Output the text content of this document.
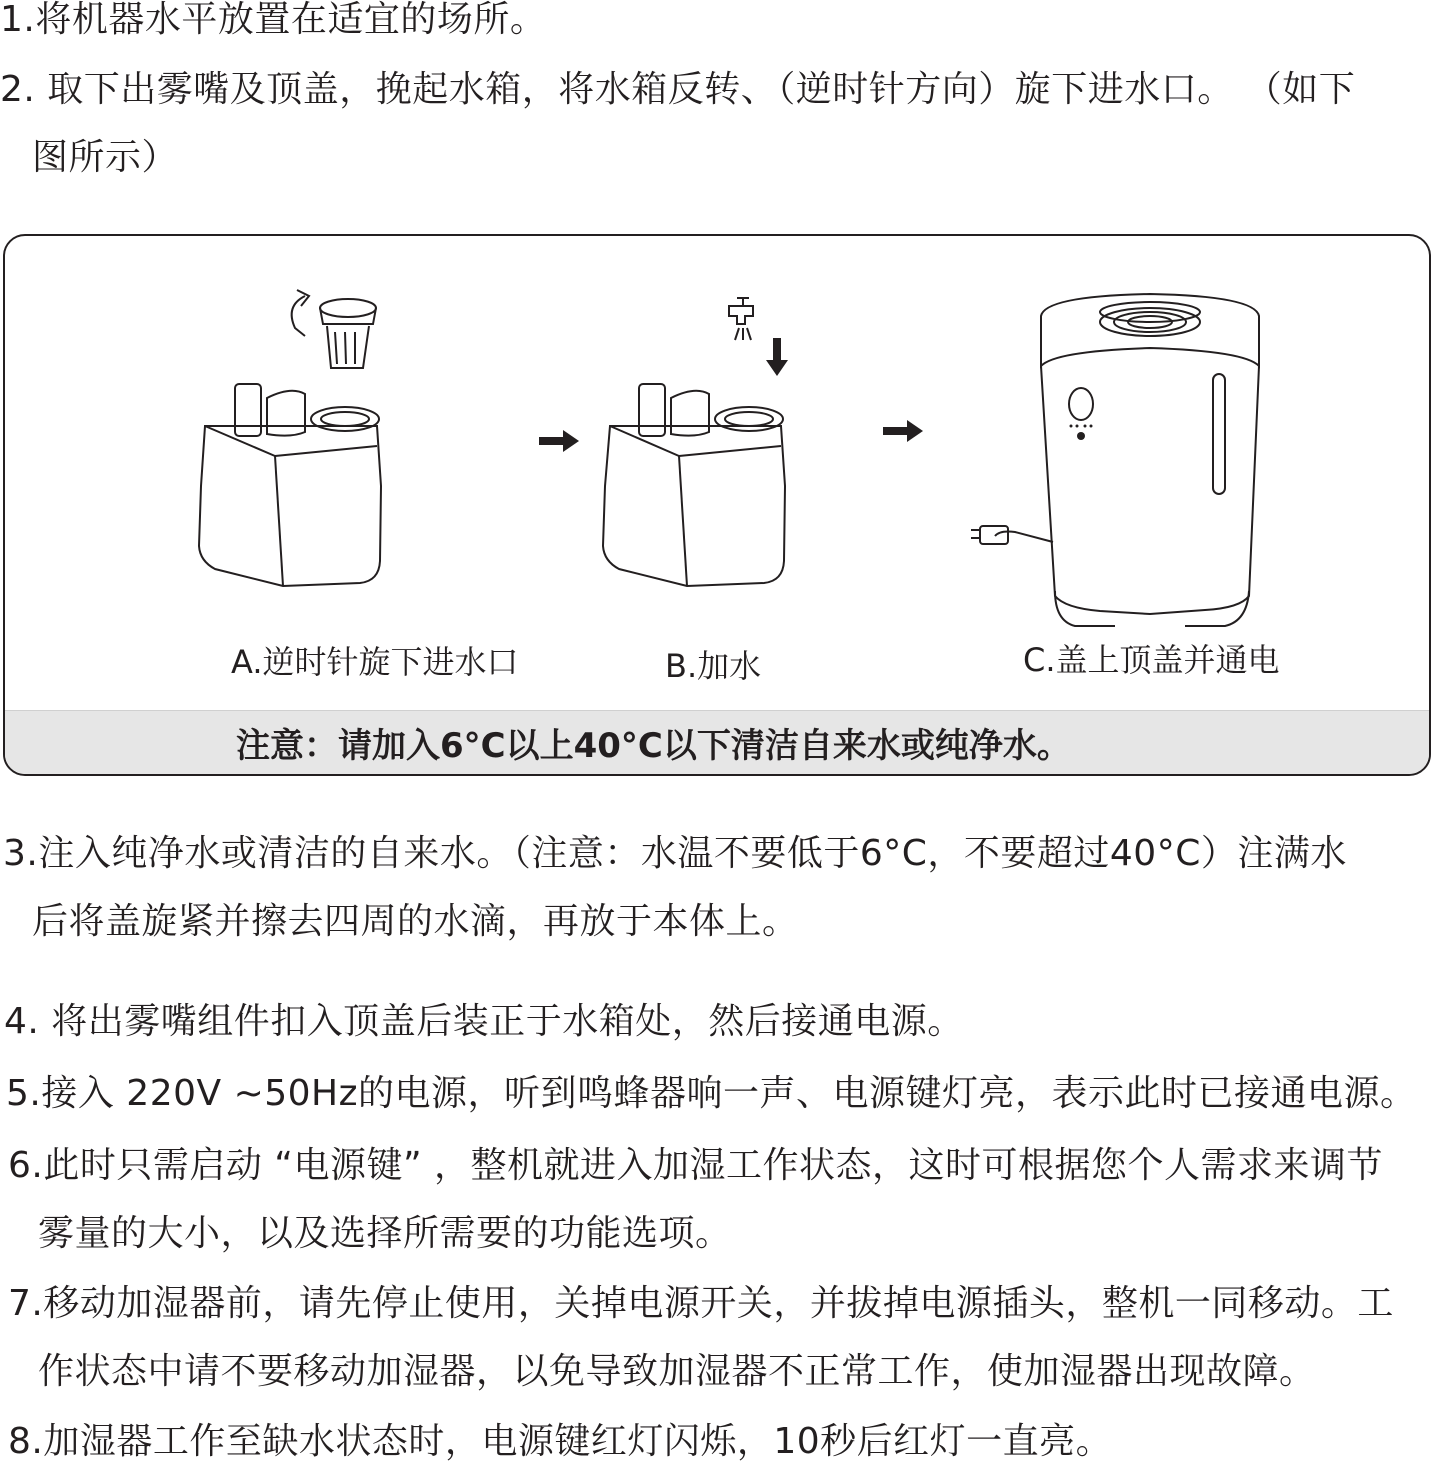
1.将机器水平放置在适宜的场所。
2. 取下出雾嘴及顶盖，挽起水箱，将水箱反转、（逆时针方向）旋下进水口。 （如下
图所示）
A.逆时针旋下进水口	B.加水	C.盖上顶盖并通电
注意：请加入6°C以上40°C以下清洁自来水或纯净水。
3.注入纯净水或清洁的自来水。（注意：水温不要低于6°C，不要超过40°C）注满水
后将盖旋紧并擦去四周的水滴，再放于本体上。
4. 将出雾嘴组件扣入顶盖后装正于水箱处，然后接通电源。
5.接入 220V ~50Hz的电源，听到鸣蜂器响一声、电源键灯亮，表示此时已接通电源。
6.此时只需启动 “电源键” ，整机就进入加湿工作状态，这时可根据您个人需求来调节
雾量的大小，以及选择所需要的功能选项。
7.移动加湿器前，请先停止使用，关掉电源开关，并拔掉电源插头，整机一同移动。工
作状态中请不要移动加湿器，以免导致加湿器不正常工作，使加湿器出现故障。
8.加湿器工作至缺水状态时，电源键红灯闪烁，10秒后红灯一直亮。
